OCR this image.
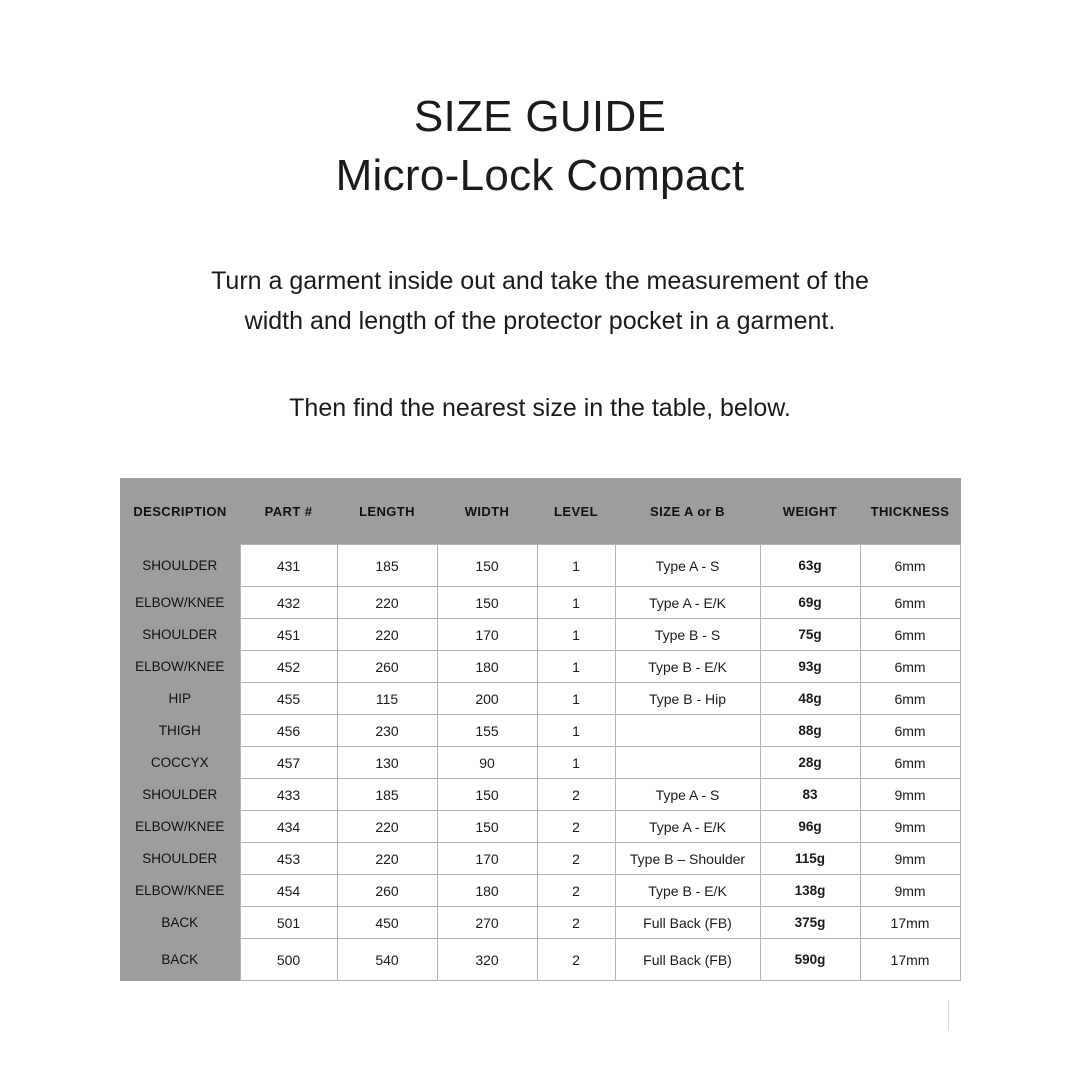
SIZE GUIDE
Micro-Lock Compact
Turn a garment inside out and take the measurement of the
width and length of the protector pocket in a garment.
Then find the nearest size in the table, below.
DESCRIPTION	PART #	LENGTH	WIDTH	LEVEL	SIZE A or B	WEIGHT	THICKNESS
SHOULDER	431	185	150	1	Type A - S	63g	6mm
ELBOW/KNEE	432	220	150	1	Type A - E/K	69g	6mm
SHOULDER	451	220	170	1	Type B - S	75g	6mm
ELBOW/KNEE	452	260	180	1	Type B - E/K	93g	6mm
HIP	455	115	200	1	Type B - Hip	48g	6mm
THIGH	456	230	155	1		88g	6mm
COCCYX	457	130	90	1		28g	6mm
SHOULDER	433	185	150	2	Type A - S	83	9mm
ELBOW/KNEE	434	220	150	2	Type A - E/K	96g	9mm
SHOULDER	453	220	170	2	Type B – Shoulder	115g	9mm
ELBOW/KNEE	454	260	180	2	Type B - E/K	138g	9mm
BACK	501	450	270	2	Full Back (FB)	375g	17mm
BACK	500	540	320	2	Full Back (FB)	590g	17mm
